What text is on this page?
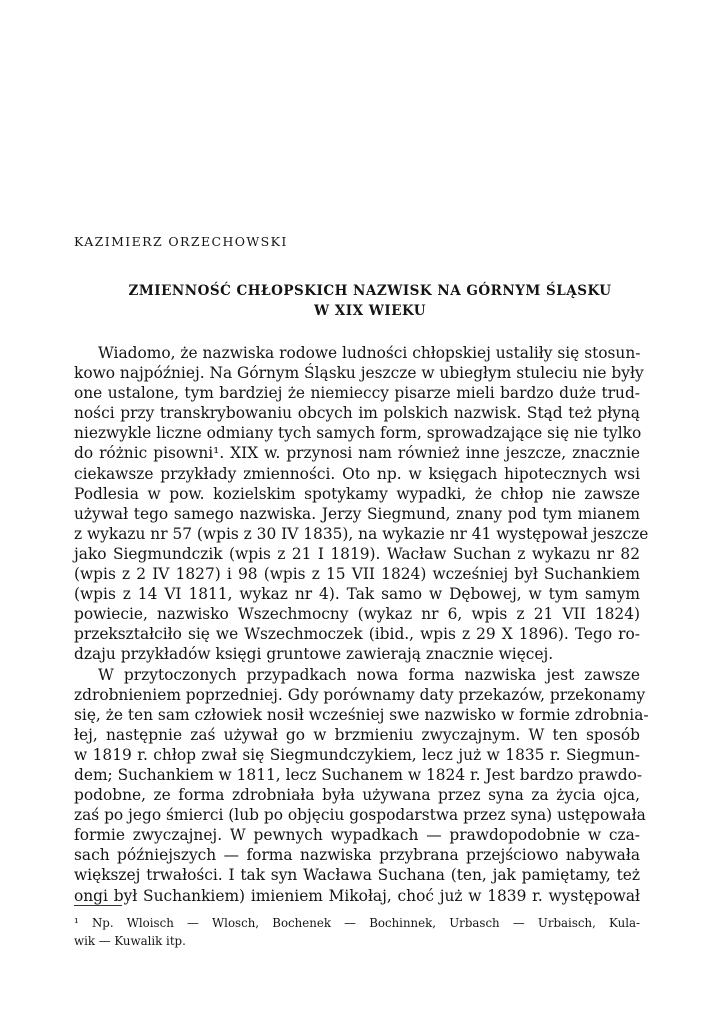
KAZIMIERZ ORZECHOWSKI
ZMIENNOŚĆ CHŁOPSKICH NAZWISK NA GÓRNYM ŚLĄSKU
W XIX WIEKU
Wiadomo, że nazwiska rodowe ludności chłopskiej ustaliły się stosun-
kowo najpóźniej. Na Górnym Śląsku jeszcze w ubiegłym stuleciu nie były
one ustalone, tym bardziej że niemieccy pisarze mieli bardzo duże trud-
ności przy transkrybowaniu obcych im polskich nazwisk. Stąd też płyną
niezwykle liczne odmiany tych samych form, sprowadzające się nie tylko
do różnic pisowni¹. XIX w. przynosi nam również inne jeszcze, znacznie
ciekawsze przykłady zmienności. Oto np. w księgach hipotecznych wsi
Podlesia w pow. kozielskim spotykamy wypadki, że chłop nie zawsze
używał tego samego nazwiska. Jerzy Siegmund, znany pod tym mianem
z wykazu nr 57 (wpis z 30 IV 1835), na wykazie nr 41 występował jeszcze
jako Siegmundczik (wpis z 21 I 1819). Wacław Suchan z wykazu nr 82
(wpis z 2 IV 1827) i 98 (wpis z 15 VII 1824) wcześniej był Suchankiem
(wpis z 14 VI 1811, wykaz nr 4). Tak samo w Dębowej, w tym samym
powiecie, nazwisko Wszechmocny (wykaz nr 6, wpis z 21 VII 1824)
przekształciło się we Wszechmoczek (ibid., wpis z 29 X 1896). Tego ro-
dzaju przykładów księgi gruntowe zawierają znacznie więcej.
W przytoczonych przypadkach nowa forma nazwiska jest zawsze
zdrobnieniem poprzedniej. Gdy porównamy daty przekazów, przekonamy
się, że ten sam człowiek nosił wcześniej swe nazwisko w formie zdrobnia-
łej, następnie zaś używał go w brzmieniu zwyczajnym. W ten sposób
w 1819 r. chłop zwał się Siegmundczykiem, lecz już w 1835 r. Siegmun-
dem; Suchankiem w 1811, lecz Suchanem w 1824 r. Jest bardzo prawdo-
podobne, ze forma zdrobniała była używana przez syna za życia ojca,
zaś po jego śmierci (lub po objęciu gospodarstwa przez syna) ustępowała
formie zwyczajnej. W pewnych wypadkach — prawdopodobnie w cza-
sach późniejszych — forma nazwiska przybrana przejściowo nabywała
większej trwałości. I tak syn Wacława Suchana (ten, jak pamiętamy, też
ongi był Suchankiem) imieniem Mikołaj, choć już w 1839 r. występował
¹ Np. Wloisch — Wlosch, Bochenek — Bochinnek, Urbasch — Urbaisch, Kula-
wik — Kuwalik itp.
